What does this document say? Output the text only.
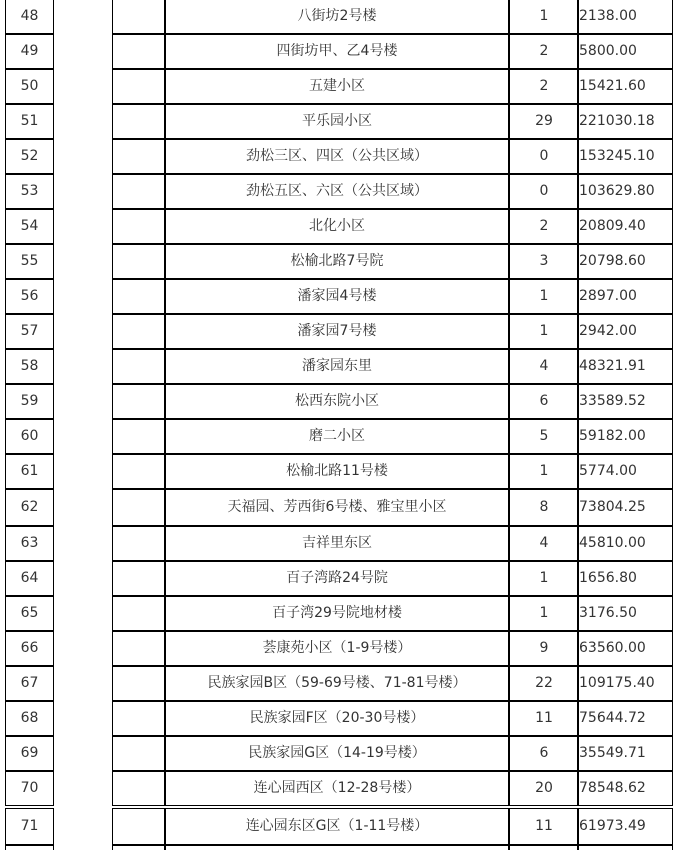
48	八街坊2号楼	1	2138.00
49	四街坊甲、乙4号楼	2	5800.00
50	五建小区	2	15421.60
51	平乐园小区	29	221030.18
52	劲松三区、四区（公共区域）	0	153245.10
53	劲松五区、六区（公共区域）	0	103629.80
54	北化小区	2	20809.40
55	松榆北路7号院	3	20798.60
56	潘家园4号楼	1	2897.00
57	潘家园7号楼	1	2942.00
58	潘家园东里	4	48321.91
59	松西东院小区	6	33589.52
60	磨二小区	5	59182.00
61	松榆北路11号楼	1	5774.00
62	天福园、芳西街6号楼、雅宝里小区	8	73804.25
63	吉祥里东区	4	45810.00
64	百子湾路24号院	1	1656.80
65	百子湾29号院地材楼	1	3176.50
66	荟康苑小区（1-9号楼）	9	63560.00
67	民族家园B区（59-69号楼、71-81号楼）	22	109175.40
68	民族家园F区（20-30号楼）	11	75644.72
69	民族家园G区（14-19号楼）	6	35549.71
70	连心园西区（12-28号楼）	20	78548.62
71	连心园东区G区（1-11号楼）	11	61973.49
